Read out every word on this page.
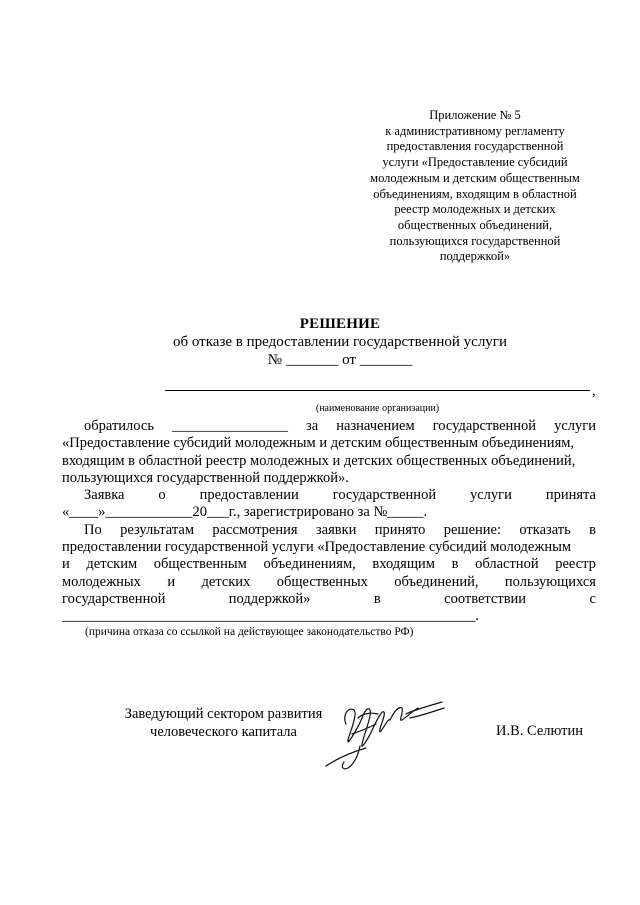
Приложение № 5
к административному регламенту
предоставления государственной
услуги «Предоставление субсидий
молодежным и детским общественным
объединениям, входящим в областной
реестр молодежных и детских
общественных объединений,
пользующихся государственной
поддержкой»
РЕШЕНИЕ
об отказе в предоставлении государственной услуги
№ _______ от _______
,
(наименование организации)
обратилось ________________ за назначением государственной услуги
«Предоставление субсидий молодежным и детским общественным объединениям,
входящим в областной реестр молодежных и детских общественных объединений,
пользующихся государственной поддержкой».
Заявка о предоставлении государственной услуги принята
«____»____________20___г., зарегистрировано за №_____.
По результатам рассмотрения заявки принято решение: отказать в
предоставлении государственной услуги «Предоставление субсидий молодежным
и детским общественным объединениям, входящим в областной реестр
молодежных и детских общественных объединений, пользующихся
государственной	поддержкой»	в	соответствии	с
_________________________________________________________.
(причина отказа со ссылкой на действующее законодательство РФ)
Заведующий сектором развития
человеческого капитала	И.В. Селютин
